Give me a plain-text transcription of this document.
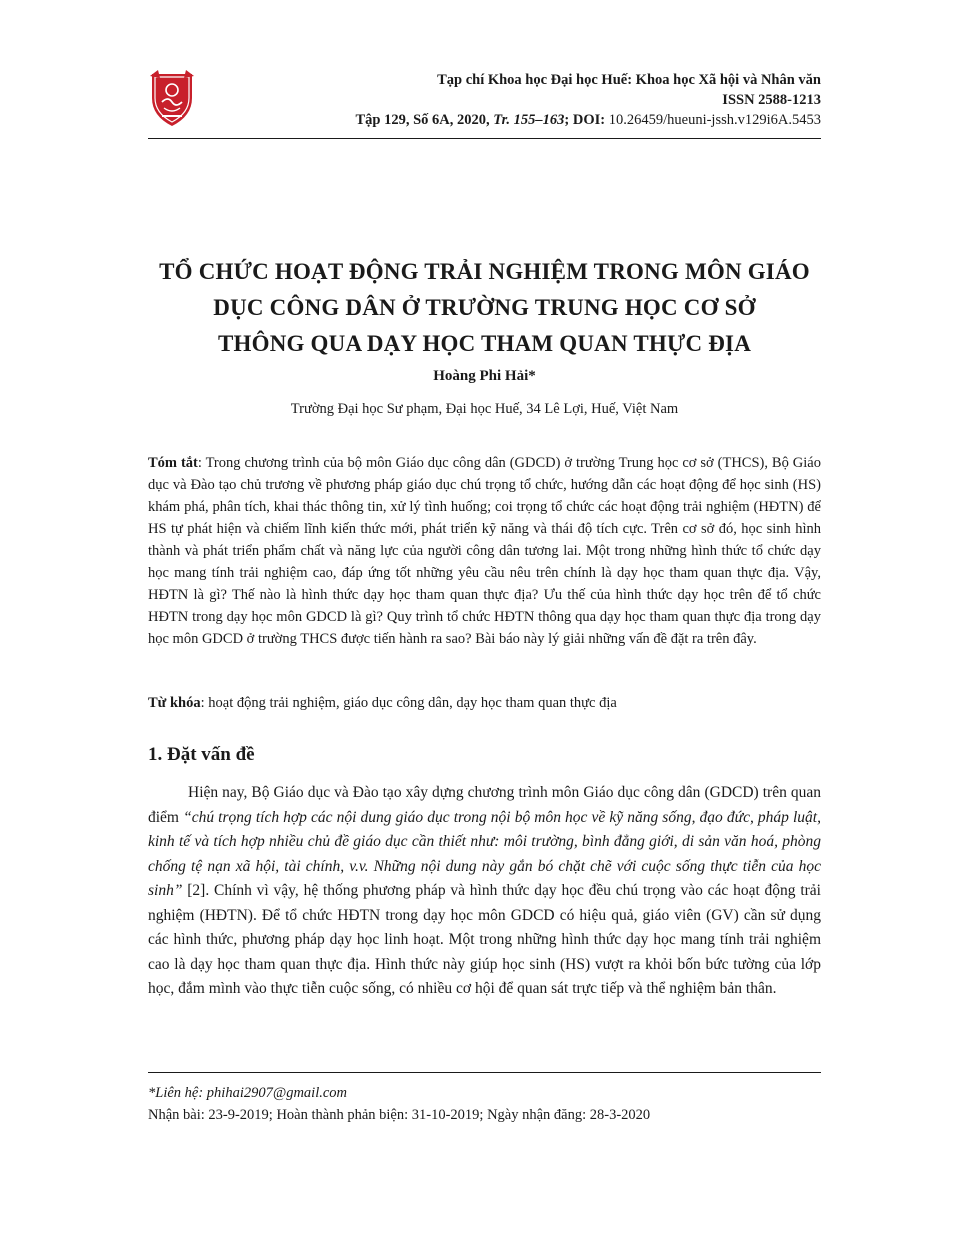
Tạp chí Khoa học Đại học Huế: Khoa học Xã hội và Nhân văn
ISSN 2588-1213
Tập 129, Số 6A, 2020, Tr. 155–163; DOI: 10.26459/hueuni-jssh.v129i6A.5453
TỔ CHỨC HOẠT ĐỘNG TRẢI NGHIỆM TRONG MÔN GIÁO
DỤC CÔNG DÂN Ở TRƯỜNG TRUNG HỌC CƠ SỞ
THÔNG QUA DẠY HỌC THAM QUAN THỰC ĐỊA
Hoàng Phi Hải*
Trường Đại học Sư phạm, Đại học Huế, 34 Lê Lợi, Huế, Việt Nam
Tóm tắt: Trong chương trình của bộ môn Giáo dục công dân (GDCD) ở trường Trung học cơ sở (THCS), Bộ Giáo dục và Đào tạo chủ trương về phương pháp giáo dục chú trọng tổ chức, hướng dẫn các hoạt động để học sinh (HS) khám phá, phân tích, khai thác thông tin, xử lý tình huống; coi trọng tổ chức các hoạt động trải nghiệm (HĐTN) để HS tự phát hiện và chiếm lĩnh kiến thức mới, phát triển kỹ năng và thái độ tích cực. Trên cơ sở đó, học sinh hình thành và phát triển phẩm chất và năng lực của người công dân tương lai. Một trong những hình thức tổ chức dạy học mang tính trải nghiệm cao, đáp ứng tốt những yêu cầu nêu trên chính là dạy học tham quan thực địa. Vậy, HĐTN là gì? Thế nào là hình thức dạy học tham quan thực địa? Ưu thế của hình thức dạy học trên để tổ chức HĐTN trong dạy học môn GDCD là gì? Quy trình tổ chức HĐTN thông qua dạy học tham quan thực địa trong dạy học môn GDCD ở trường THCS được tiến hành ra sao? Bài báo này lý giải những vấn đề đặt ra trên đây.
Từ khóa: hoạt động trải nghiệm, giáo dục công dân, dạy học tham quan thực địa
1. Đặt vấn đề
Hiện nay, Bộ Giáo dục và Đào tạo xây dựng chương trình môn Giáo dục công dân (GDCD) trên quan điểm “chú trọng tích hợp các nội dung giáo dục trong nội bộ môn học về kỹ năng sống, đạo đức, pháp luật, kinh tế và tích hợp nhiều chủ đề giáo dục cần thiết như: môi trường, bình đẳng giới, di sản văn hoá, phòng chống tệ nạn xã hội, tài chính, v.v. Những nội dung này gắn bó chặt chẽ với cuộc sống thực tiễn của học sinh” [2]. Chính vì vậy, hệ thống phương pháp và hình thức dạy học đều chú trọng vào các hoạt động trải nghiệm (HĐTN). Để tổ chức HĐTN trong dạy học môn GDCD có hiệu quả, giáo viên (GV) cần sử dụng các hình thức, phương pháp dạy học linh hoạt. Một trong những hình thức dạy học mang tính trải nghiệm cao là dạy học tham quan thực địa. Hình thức này giúp học sinh (HS) vượt ra khỏi bốn bức tường của lớp học, đắm mình vào thực tiễn cuộc sống, có nhiều cơ hội để quan sát trực tiếp và thể nghiệm bản thân.
*Liên hệ: phihai2907@gmail.com
Nhận bài: 23-9-2019; Hoàn thành phản biện: 31-10-2019; Ngày nhận đăng: 28-3-2020
